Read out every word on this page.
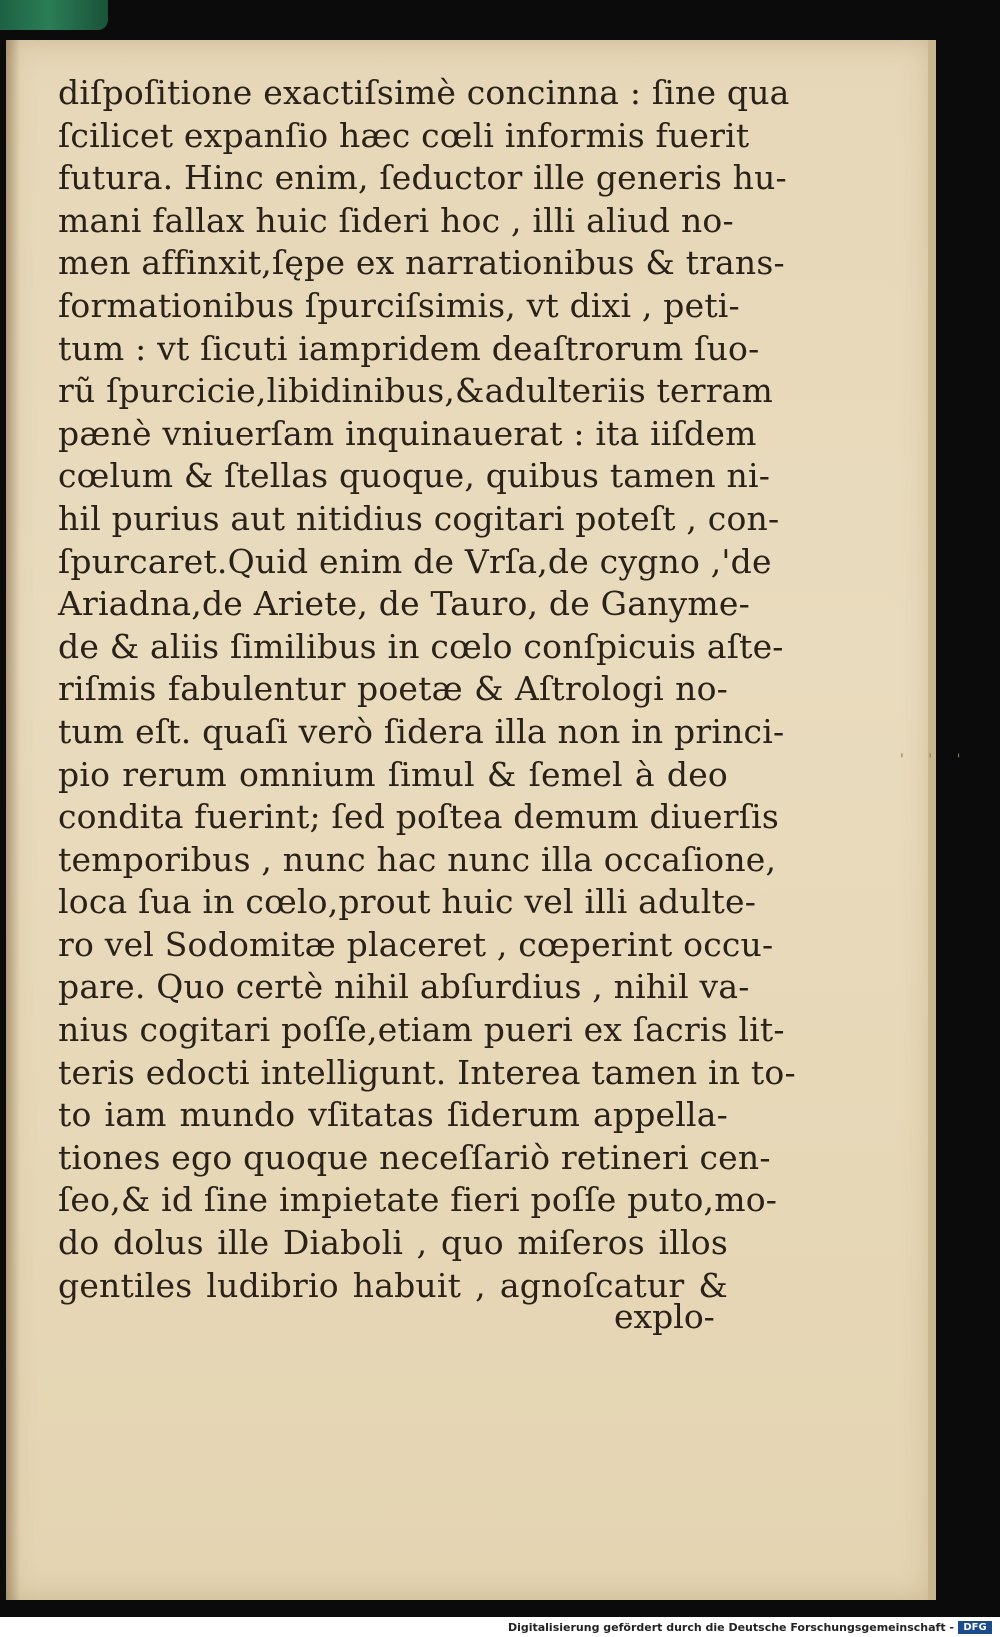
diſpoſitione exactiſsimè concinna : ſine qua
ſcilicet expanſio hæc cœli informis fuerit
futura. Hinc enim, ſeductor ille generis hu-
mani fallax huic ſideri hoc , illi aliud no-
men affinxit,ſępe ex narrationibus & trans-
formationibus ſpurciſsimis, vt dixi , peti-
tum : vt ſicuti iampridem deaſtrorum ſuo-
rũ ſpurcicie,libidinibus,&adulteriis terram
pænè vniuerſam inquinauerat : ita iiſdem
cœlum & ſtellas quoque, quibus tamen ni-
hil purius aut nitidius cogitari poteſt , con-
ſpurcaret.Quid enim de Vrſa,de cygno ,'de
Ariadna,de Ariete, de Tauro, de Ganyme-
de & aliis ſimilibus in cœlo conſpicuis aſte-
riſmis fabulentur poetæ & Aſtrologi no-
tum eſt. quaſi verò ſidera illa non in princi-
pio rerum omnium ſimul & ſemel à deo
condita fuerint; ſed poſtea demum diuerſis
temporibus , nunc hac nunc illa occaſione,
loca ſua in cœlo,prout huic vel illi adulte-
ro vel Sodomitæ placeret , cœperint occu-
pare. Quo certè nihil abſurdius , nihil va-
nius cogitari poſſe,etiam pueri ex ſacris lit-
teris edocti intelligunt. Interea tamen in to-
to iam mundo vſitatas ſiderum appella-
tiones ego quoque neceſſariò retineri cen-
ſeo,& id ſine impietate fieri poſſe puto,mo-
do dolus ille Diaboli , quo miſeros illos
gentiles ludibrio habuit , agnoſcatur &
explo-
' ' '
Digitalisierung gefördert durch die Deutsche Forschungsgemeinschaft - DFG
